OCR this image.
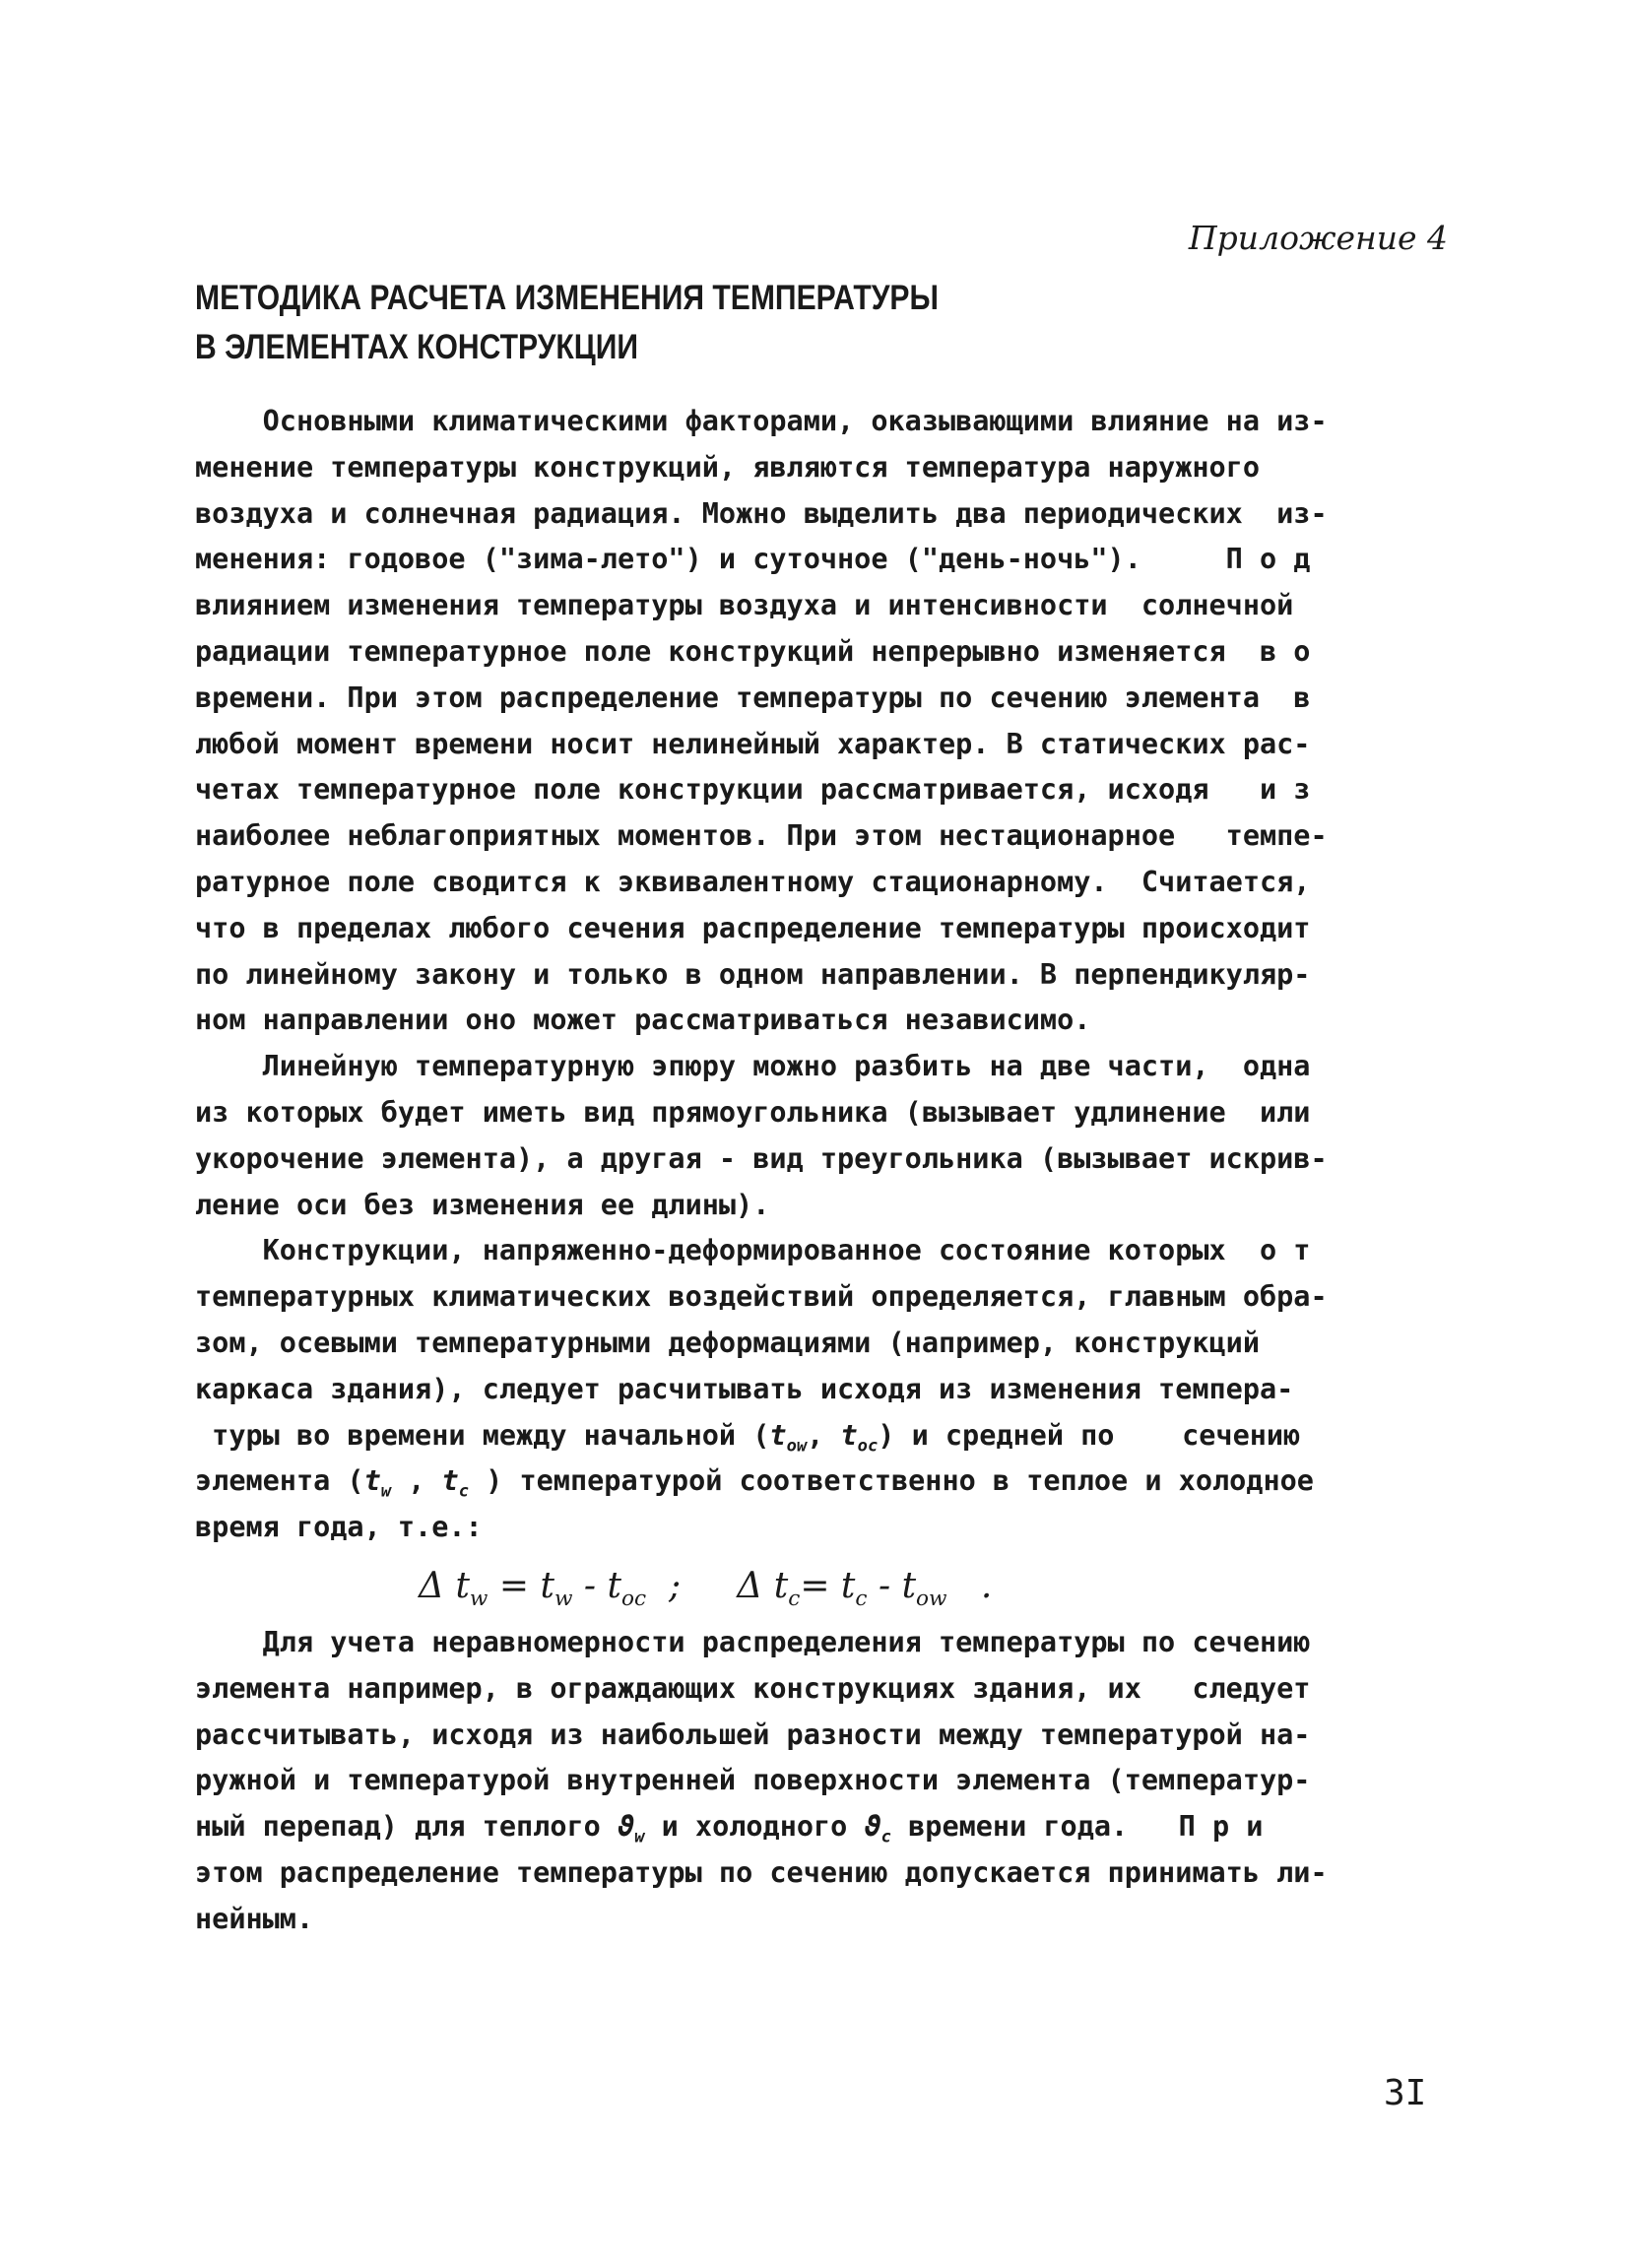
Приложение 4
МЕТОДИКА РАСЧЕТА ИЗМЕНЕНИЯ ТЕМПЕРАТУРЫ
В ЭЛЕМЕНТАХ КОНСТРУКЦИИ
Основными климатическими факторами, оказывающими влияние на из-
менение температуры конструкций, являются температура наружного
воздуха и солнечная радиация. Можно выделить два периодических  из-
менения: годовое ("зима-лето") и суточное ("день-ночь").     П о д
влиянием изменения температуры воздуха и интенсивности  солнечной
радиации температурное поле конструкций непрерывно изменяется  в о
времени. При этом распределение температуры по сечению элемента  в
любой момент времени носит нелинейный характер. В статических рас-
четах температурное поле конструкции рассматривается, исходя   и з
наиболее неблагоприятных моментов. При этом нестационарное   темпе-
ратурное поле сводится к эквивалентному стационарному.  Считается,
что в пределах любого сечения распределение температуры происходит
по линейному закону и только в одном направлении. В перпендикуляр-
ном направлении оно может рассматриваться независимо.
Линейную температурную эпюру можно разбить на две части,  одна
из которых будет иметь вид прямоугольника (вызывает удлинение  или
укорочение элемента), а другая - вид треугольника (вызывает искрив-
ление оси без изменения ее длины).
Конструкции, напряженно-деформированное состояние которых  о т
температурных климатических воздействий определяется, главным обра-
зом, осевыми температурными деформациями (например, конструкций
каркаса здания), следует расчитывать исходя из изменения темпера-
туры во времени между начальной ($t_{ow}$, $t_{oc}$) и средней по    сечению
элемента ($t_w$ , $t_c$ ) температурой соответственно в теплое и холодное
время года, т.е.:
Δ $t_w = t_w - t_{oc}$  ;     Δ $t_c= t_c - t_{ow}$   .
Для учета неравномерности распределения температуры по сечению
элемента например, в ограждающих конструкциях здания, их   следует
рассчитывать, исходя из наибольшей разности между температурой на-
ружной и температурой внутренней поверхности элемента (температур-
ный перепад) для теплого $ϑ_w$ и холодного $ϑ_c$ времени года.   П р и
этом распределение температуры по сечению допускается принимать ли-
нейным.
3I
